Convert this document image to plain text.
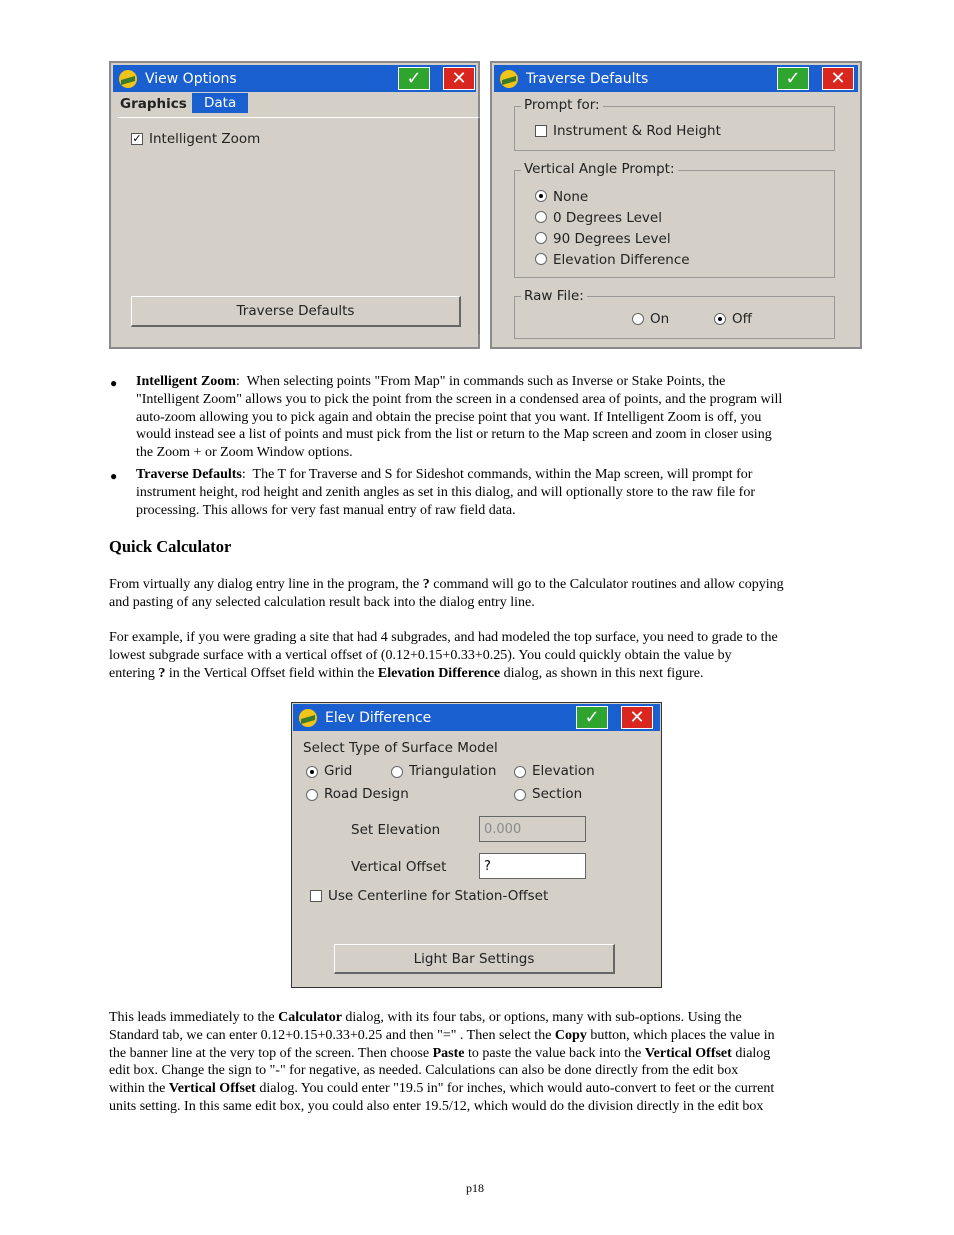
View Options	✓	✕
Graphics	Data
✓ Intelligent Zoom
Traverse Defaults
Traverse Defaults	✓	✕
Prompt for:
Instrument & Rod Height
Vertical Angle Prompt:
None
0 Degrees Level
90 Degrees Level
Elevation Difference
Raw File:
On	Off
● Intelligent Zoom: When selecting points "From Map" in commands such as Inverse or Stake Points, the
"Intelligent Zoom" allows you to pick the point from the screen in a condensed area of points, and the program will
auto-zoom allowing you to pick again and obtain the precise point that you want. If Intelligent Zoom is off, you
would instead see a list of points and must pick from the list or return to the Map screen and zoom in closer using
the Zoom + or Zoom Window options.
● Traverse Defaults: The T for Traverse and S for Sideshot commands, within the Map screen, will prompt for
instrument height, rod height and zenith angles as set in this dialog, and will optionally store to the raw file for
processing. This allows for very fast manual entry of raw field data.
Quick Calculator
From virtually any dialog entry line in the program, the ? command will go to the Calculator routines and allow copying
and pasting of any selected calculation result back into the dialog entry line.
For example, if you were grading a site that had 4 subgrades, and had modeled the top surface, you need to grade to the
lowest subgrade surface with a vertical offset of (0.12+0.15+0.33+0.25). You could quickly obtain the value by
entering ? in the Vertical Offset field within the Elevation Difference dialog, as shown in this next figure.
Elev Difference	✓	✕
Select Type of Surface Model
Grid	Triangulation	Elevation
Road Design	Section
Set Elevation	0.000
Vertical Offset	?
Use Centerline for Station-Offset
Light Bar Settings
This leads immediately to the Calculator dialog, with its four tabs, or options, many with sub-options. Using the
Standard tab, we can enter 0.12+0.15+0.33+0.25 and then "=" . Then select the Copy button, which places the value in
the banner line at the very top of the screen. Then choose Paste to paste the value back into the Vertical Offset dialog
edit box. Change the sign to "-" for negative, as needed. Calculations can also be done directly from the edit box
within the Vertical Offset dialog. You could enter "19.5 in" for inches, which would auto-convert to feet or the current
units setting. In this same edit box, you could also enter 19.5/12, which would do the division directly in the edit box
p18
